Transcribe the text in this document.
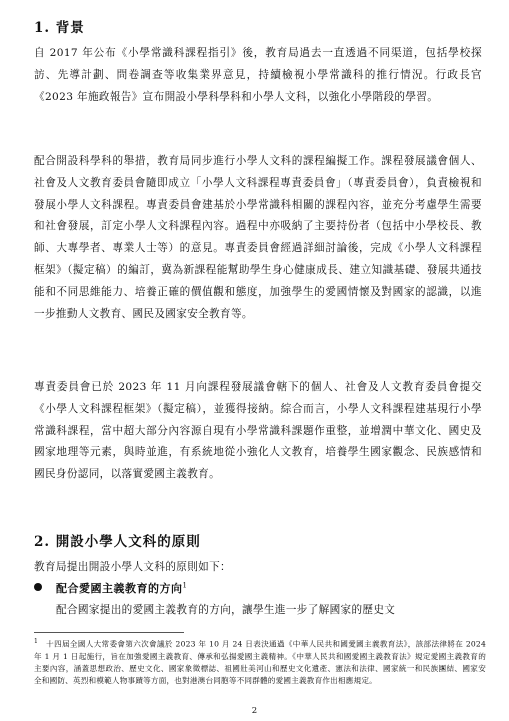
1. 背景

自 2017 年公布《小學常識科課程指引》後，教育局過去一直透過不同渠道，包括學校探訪、先導計劃、問卷調查等收集業界意見，持續檢視小學常識科的推行情況。行政長官《2023 年施政報告》宣布開設小學科學科和小學人文科，以強化小學階段的學習。

配合開設科學科的舉措，教育局同步進行小學人文科的課程編擬工作。課程發展議會個人、社會及人文教育委員會隨即成立「小學人文科課程專責委員會」（專責委員會），負責檢視和發展小學人文科課程。專責委員會建基於小學常識科相關的課程內容，並充分考慮學生需要和社會發展，訂定小學人文科課程內容。過程中亦吸納了主要持份者（包括中小學校長、教師、大專學者、專業人士等）的意見。專責委員會經過詳細討論後，完成《小學人文科課程框架》（擬定稿）的編訂，冀為新課程能幫助學生身心健康成長、建立知識基礎、發展共通技能和不同思維能力、培養正確的價值觀和態度，加強學生的愛國情懷及對國家的認識，以進一步推動人文教育、國民及國家安全教育等。

專責委員會已於 2023 年 11 月向課程發展議會轄下的個人、社會及人文教育委員會提交《小學人文科課程框架》（擬定稿），並獲得接納。綜合而言，小學人文科課程建基現行小學常識科課程，當中超大部分內容源自現有小學常識科課題作重整，並增潤中華文化、國史及國家地理等元素，與時並進，有系統地從小強化人文教育，培養學生國家觀念、民族感情和國民身份認同，以落實愛國主義教育。

2. 開設小學人文科的原則

教育局提出開設小學人文科的原則如下：

配合愛國主義教育的方向$^1$
配合國家提出的愛國主義教育的方向，讓學生進一步了解國家的歷史文
$^1$ 十四屆全國人大常委會第六次會議於 2023 年 10 月 24 日表決通過《中華人民共和國愛國主義教育法》，該部法律將在 2024 年 1 月 1 日起施行，旨在加強愛國主義教育、傳承和弘揚愛國主義精神。《中華人民共和國愛國主義教育法》規定愛國主義教育的主要內容，涵蓋思想政治、歷史文化、國家象徵標誌、祖國壯美河山和歷史文化遺產、憲法和法律、國家統一和民族團結、國家安全和國防、英烈和模範人物事蹟等方面，也對港澳台同胞等不同群體的愛國主義教育作出相應規定。
2
